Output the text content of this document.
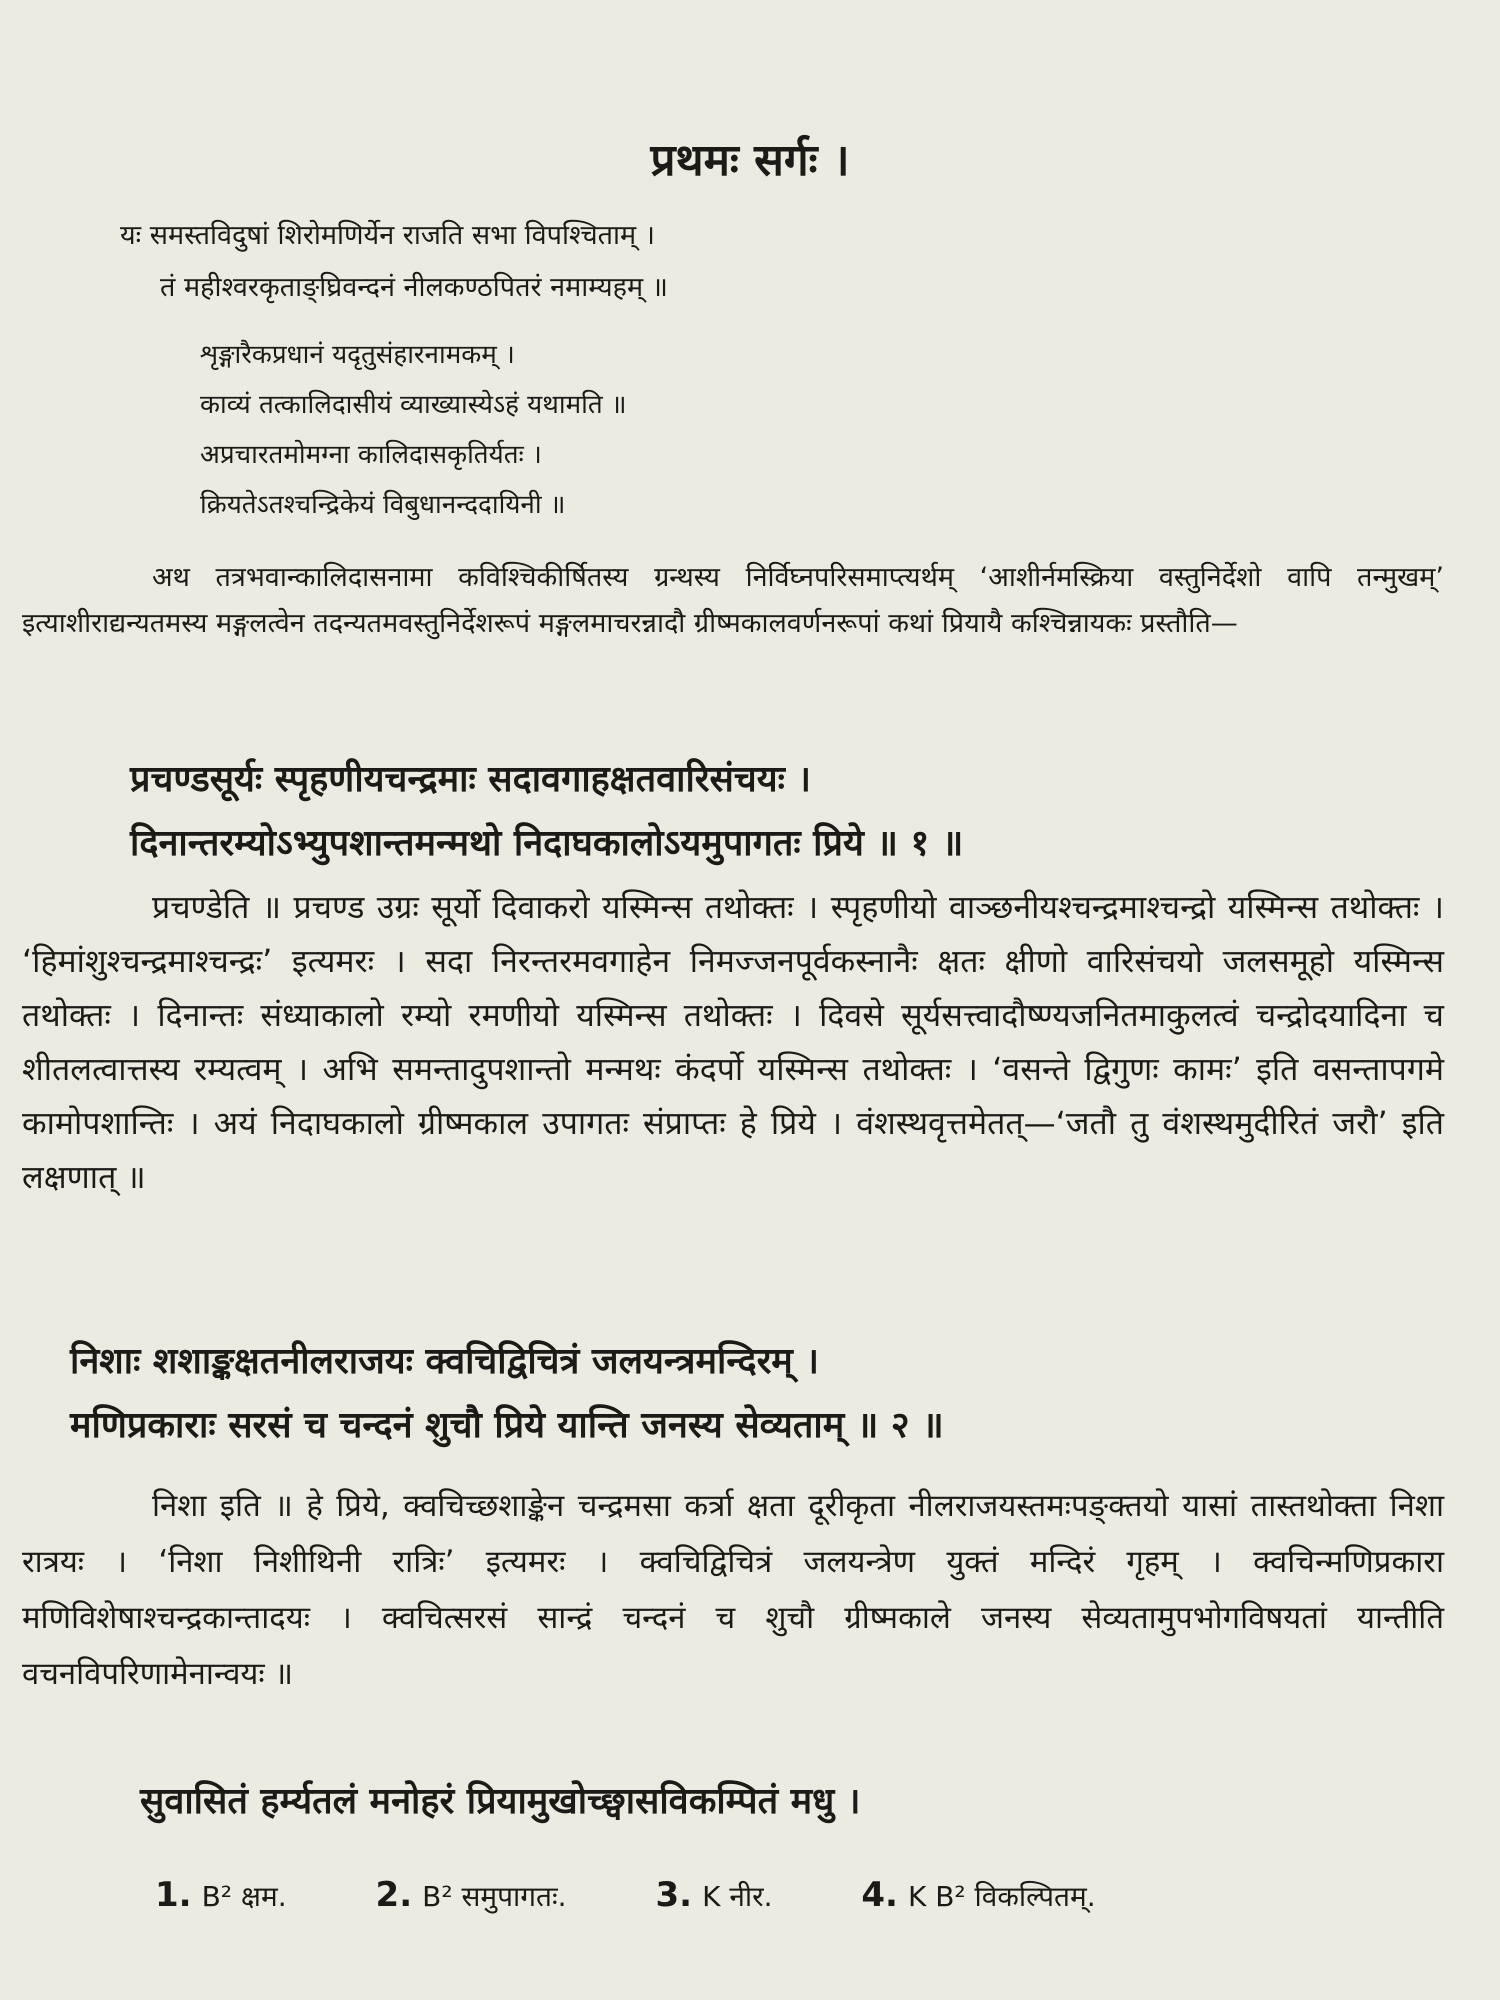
प्रथमः सर्गः ।

यः समस्तविदुषां शिरोमणिर्येन राजति सभा विपश्चिताम् ।

तं महीश्वरकृताङ्घ्रिवन्दनं नीलकण्ठपितरं नमाम्यहम् ॥

शृङ्गारैकप्रधानं यदृतुसंहारनामकम् ।

काव्यं तत्कालिदासीयं व्याख्यास्येऽहं यथामति ॥

अप्रचारतमोमग्ना कालिदासकृतिर्यतः ।

क्रियतेऽतश्चन्द्रिकेयं विबुधानन्ददायिनी ॥

अथ तत्रभवान्कालिदासनामा कविश्चिकीर्षितस्य ग्रन्थस्य निर्विघ्नपरिसमाप्त्यर्थम् ‘आशीर्नमस्क्रिया वस्तुनिर्देशो वापि तन्मुखम्’ इत्याशीराद्यन्यतमस्य मङ्गलत्वेन तदन्यतमवस्तुनिर्देशरूपं मङ्गलमाचरन्नादौ ग्रीष्मकालवर्णनरूपां कथां प्रियायै कश्चिन्नायकः प्रस्तौति—

प्रचण्डसूर्यः स्पृहणीयचन्द्रमाः सदावगाहक्षतवारिसंचयः ।

दिनान्तरम्योऽभ्युपशान्तमन्मथो निदाघकालोऽयमुपागतः प्रिये ॥ १ ॥

प्रचण्डेति ॥ प्रचण्ड उग्रः सूर्यो दिवाकरो यस्मिन्स तथोक्तः । स्पृहणीयो वाञ्छनीयश्चन्द्रमाश्चन्द्रो यस्मिन्स तथोक्तः । ‘हिमांशुश्चन्द्रमाश्चन्द्रः’ इत्यमरः । सदा निरन्तरमवगाहेन निमज्जनपूर्वकस्नानैः क्षतः क्षीणो वारिसंचयो जलसमूहो यस्मिन्स तथोक्तः । दिनान्तः संध्याकालो रम्यो रमणीयो यस्मिन्स तथोक्तः । दिवसे सूर्यसत्त्वादौष्ण्यजनितमाकुलत्वं चन्द्रोदयादिना च शीतलत्वात्तस्य रम्यत्वम् । अभि समन्तादुपशान्तो मन्मथः कंदर्पो यस्मिन्स तथोक्तः । ‘वसन्ते द्विगुणः कामः’ इति वसन्तापगमे कामोपशान्तिः । अयं निदाघकालो ग्रीष्मकाल उपागतः संप्राप्तः हे प्रिये । वंशस्थवृत्तमेतत्—‘जतौ तु वंशस्थमुदीरितं जरौ’ इति लक्षणात् ॥

निशाः शशाङ्कक्षतनीलराजयः क्वचिद्विचित्रं जलयन्त्रमन्दिरम् ।

मणिप्रकाराः सरसं च चन्दनं शुचौ प्रिये यान्ति जनस्य सेव्यताम् ॥ २ ॥

निशा इति ॥ हे प्रिये, क्वचिच्छशाङ्केन चन्द्रमसा कर्त्रा क्षता दूरीकृता नीलराजयस्तमःपङ्क्तयो यासां तास्तथोक्ता निशा रात्रयः । ‘निशा निशीथिनी रात्रिः’ इत्यमरः । क्वचिद्विचित्रं जलयन्त्रेण युक्तं मन्दिरं गृहम् । क्वचिन्मणिप्रकारा मणिविशेषाश्चन्द्रकान्तादयः । क्वचित्सरसं सान्द्रं चन्दनं च शुचौ ग्रीष्मकाले जनस्य सेव्यतामुपभोगविषयतां यान्तीति वचनविपरिणामेनान्वयः ॥

सुवासितं हर्म्यतलं मनोहरं प्रियामुखोच्छ्वासविकम्पितं मधु ।

1. B² क्षम.	2. B² समुपागतः.	3. K नीर.	4. K B² विकल्पितम्.
